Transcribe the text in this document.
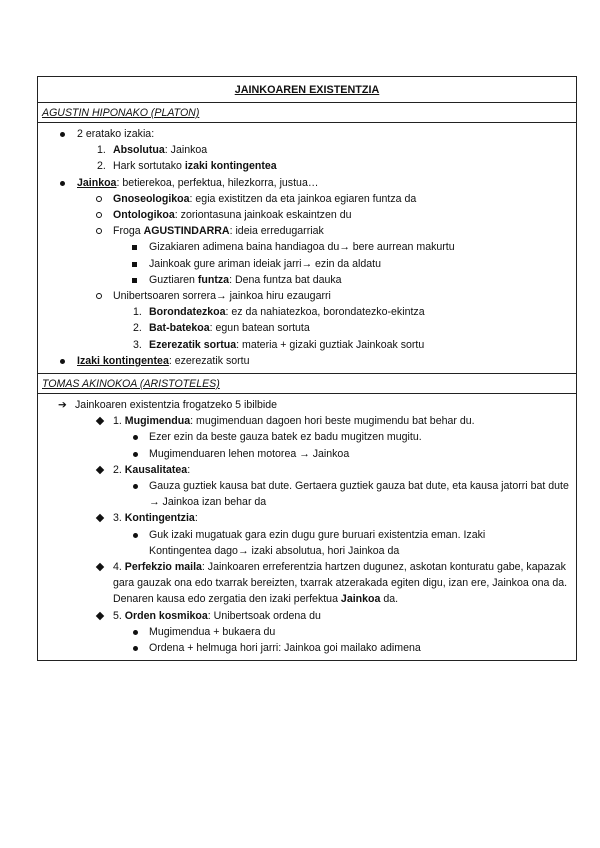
JAINKOAREN EXISTENTZIA
AGUSTIN HIPONAKO (PLATON)
2 eratako izakia:
1. Absolutua: Jainkoa
2. Hark sortutako izaki kontingentea
Jainkoa: betierekoa, perfektua, hilezkorra, justua…
Gnoseologikoa: egia existitzen da eta jainkoa egiaren funtza da
Ontologikoa: zoriontasuna jainkoak eskaintzen du
Froga AGUSTINDARRA: ideia erredugarriak
Gizakiaren adimena baina handiagoa du→ bere aurrean makurtu
Jainkoak gure ariman ideiak jarri→ ezin da aldatu
Guztiaren funtza: Dena funtza bat dauka
Unibertsoaren sorrera→ jainkoa hiru ezaugarri
1. Borondatezkoa: ez da nahiatezkoa, borondatezko-ekintza
2. Bat-batekoa: egun batean sortuta
3. Ezerezatik sortua: materia + gizaki guztiak Jainkoak sortu
Izaki kontingentea: ezerezatik sortu
TOMAS AKINOKOA (ARISTOTELES)
➔ Jainkoaren existentzia frogatzeko 5 ibilbide
1. Mugimendua: mugimenduan dagoen hori beste mugimendu bat behar du.
Ezer ezin da beste gauza batek ez badu mugitzen mugitu.
Mugimenduaren lehen motorea → Jainkoa
2. Kausalitatea:
Gauza guztiek kausa bat dute. Gertaera guztiek gauza bat dute, eta kausa jatorri bat dute → Jainkoa izan behar da
3. Kontingentzia:
Guk izaki mugatuak gara ezin dugu gure buruari existentzia eman. Izaki Kontingentea dago→ izaki absolutua, hori Jainkoa da
4. Perfekzio maila: Jainkoaren erreferentzia hartzen dugunez, askotan konturatu gabe, kapazak gara gauzak ona edo txarrak bereizten, txarrak atzerakada egiten digu, izan ere, Jainkoa ona da. Denaren kausa edo zergatia den izaki perfektua Jainkoa da.
5. Orden kosmikoa: Unibertsoak ordena du
Mugimendua + bukaera du
Ordena + helmuga hori jarri: Jainkoa goi mailako adimena
